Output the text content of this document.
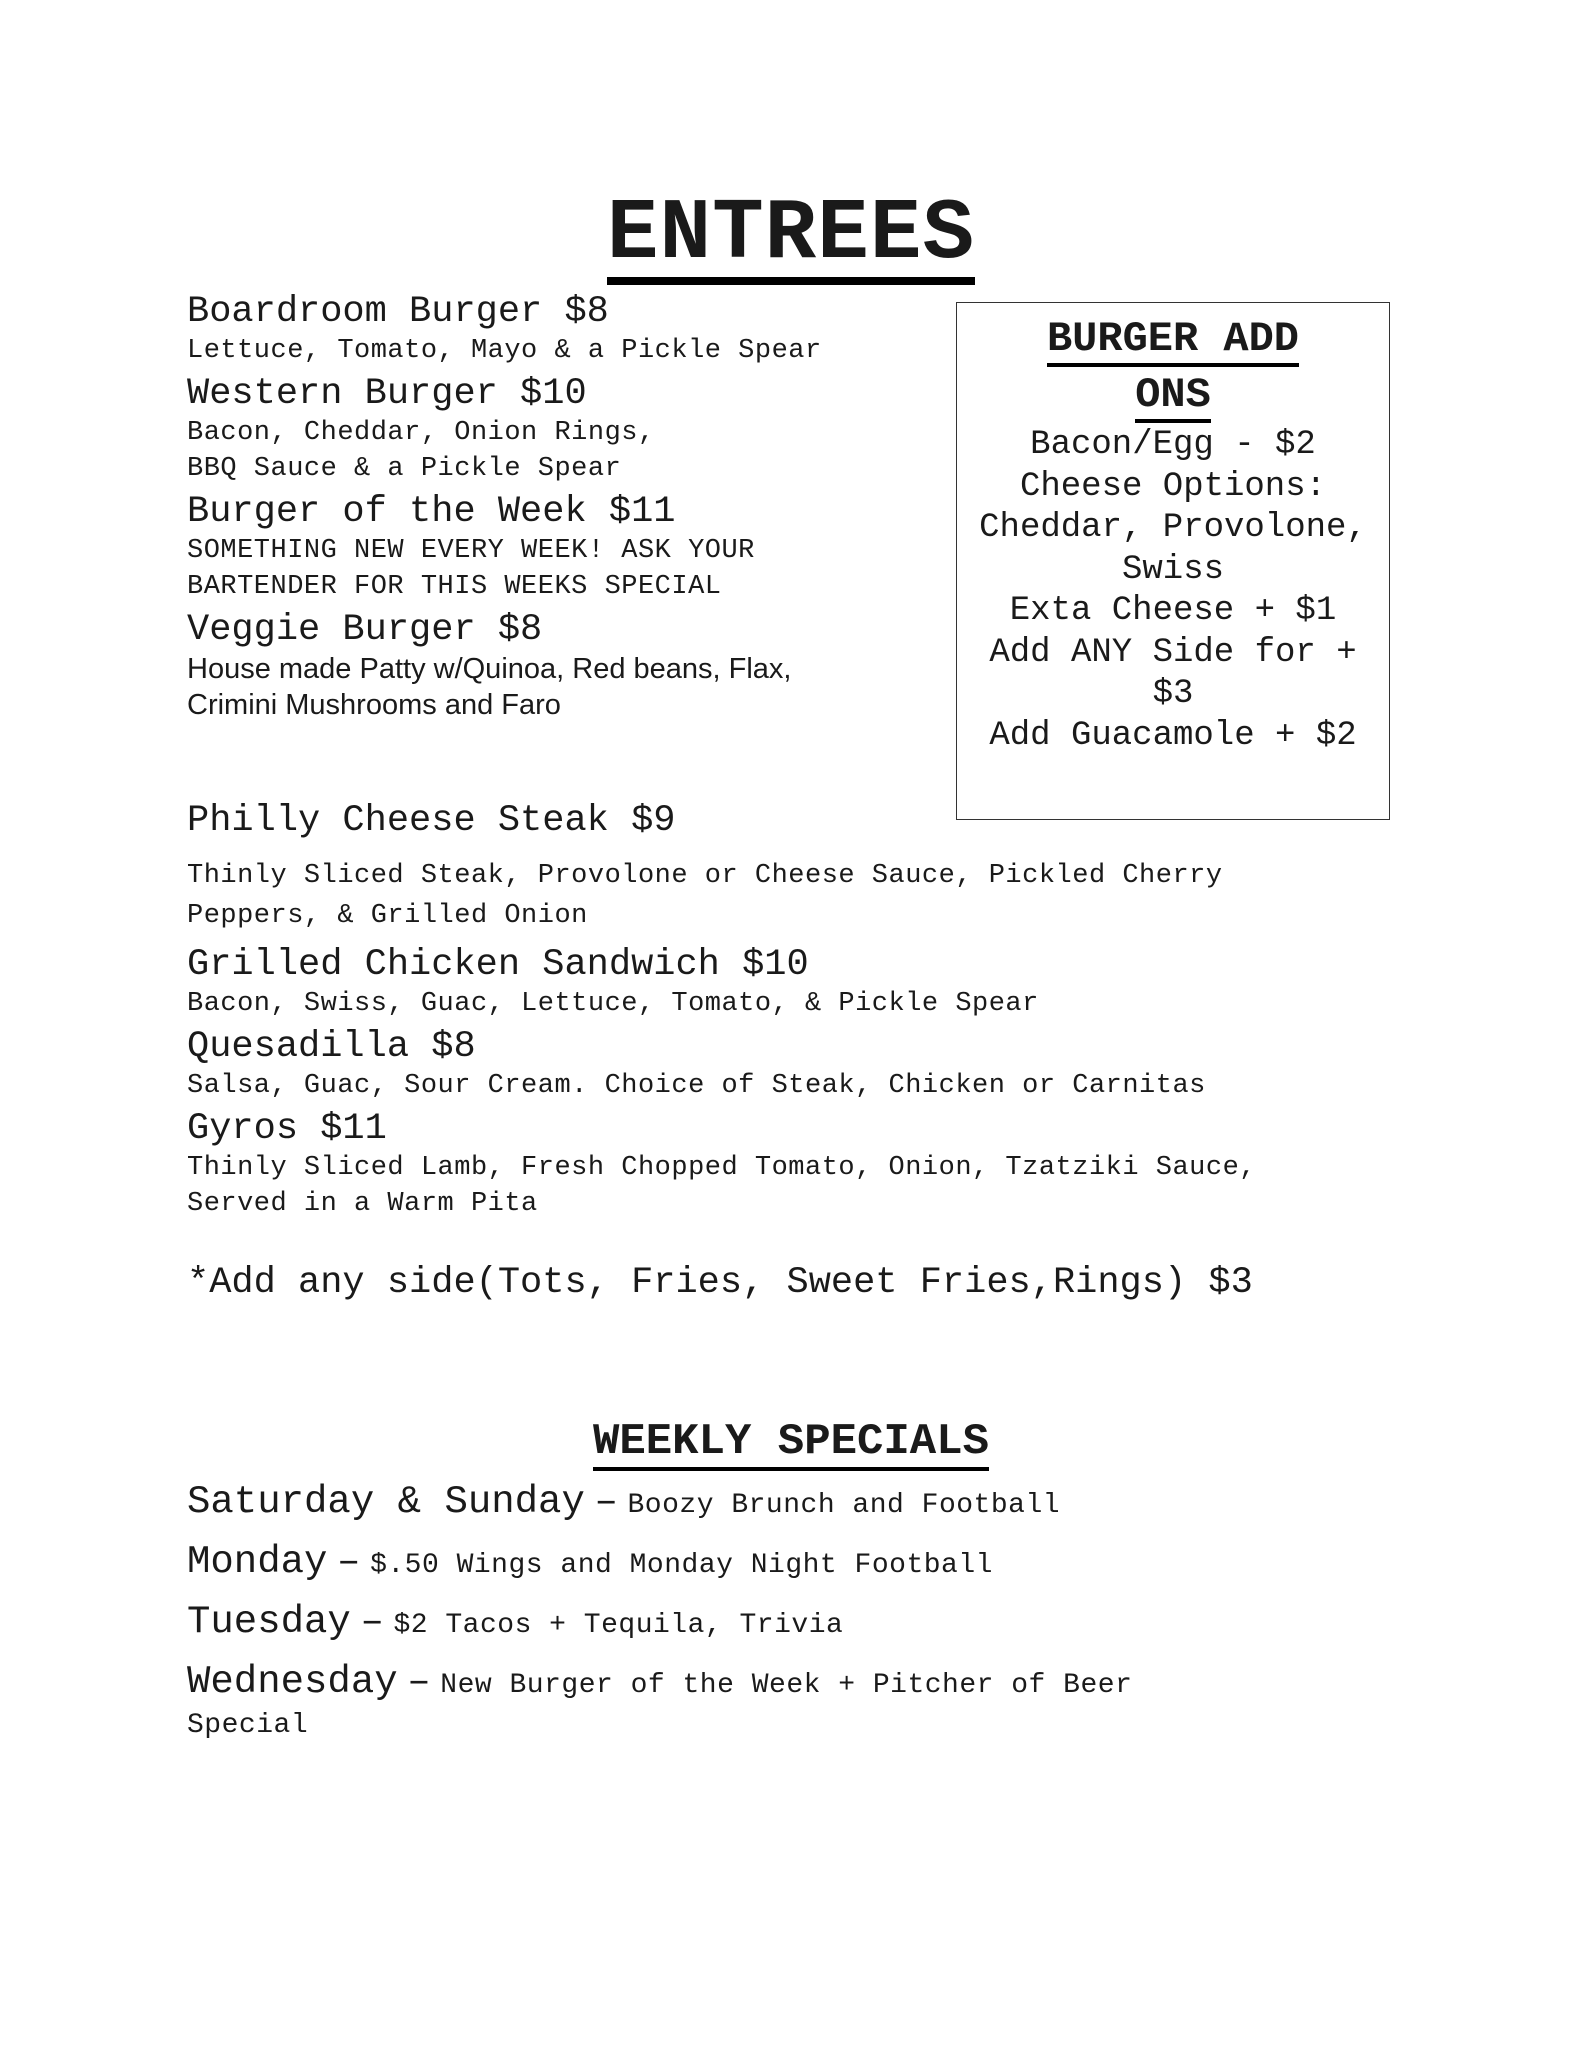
ENTREES

Boardroom Burger $8

Lettuce, Tomato, Mayo & a Pickle Spear

Western Burger $10

Bacon, Cheddar, Onion Rings,

BBQ Sauce & a Pickle Spear

Burger of the Week $11

SOMETHING NEW EVERY WEEK! ASK YOUR

BARTENDER FOR THIS WEEKS SPECIAL

Veggie Burger $8

House made Patty w/Quinoa, Red beans, Flax,

Crimini Mushrooms and Faro

BURGER ADD
ONS

Bacon/Egg - $2

Cheese Options:

Cheddar, Provolone,

Swiss

Exta Cheese + $1

Add ANY Side for +

$3

Add Guacamole + $2

Philly Cheese Steak $9

Thinly Sliced Steak, Provolone or Cheese Sauce, Pickled Cherry

Peppers, & Grilled Onion

Grilled Chicken Sandwich $10

Bacon, Swiss, Guac, Lettuce, Tomato, & Pickle Spear

Quesadilla $8

Salsa, Guac, Sour Cream. Choice of Steak, Chicken or Carnitas

Gyros $11

Thinly Sliced Lamb, Fresh Chopped Tomato, Onion, Tzatziki Sauce,

Served in a Warm Pita

*Add any side(Tots, Fries, Sweet Fries,Rings) $3
WEEKLY SPECIALS
Saturday & Sunday – Boozy Brunch and Football
Monday – $.50 Wings and Monday Night Football
Tuesday – $2 Tacos + Tequila, Trivia
Wednesday – New Burger of the Week + Pitcher of Beer
Special
